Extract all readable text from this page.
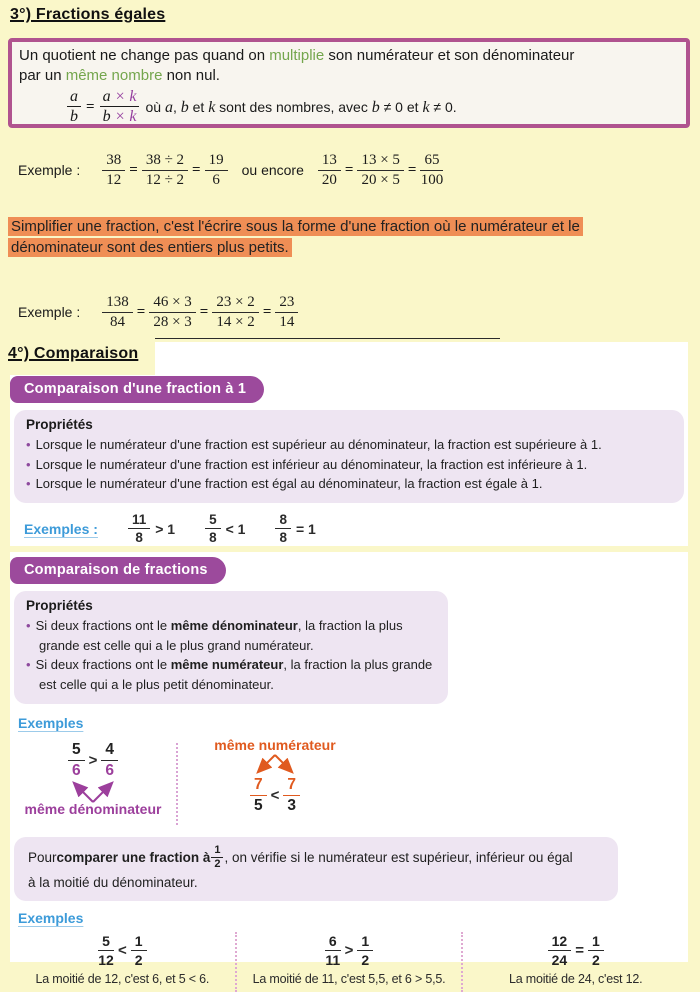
3°) Fractions égales
Un quotient ne change pas quand on multiplie son numérateur et son dénominateur
par un même nombre non nul.
$\frac{a}{b} = \frac{a \times k}{b \times k}$ où a, b et k sont des nombres, avec b ≠ 0 et k ≠ 0.
Exemple : $\frac{38}{12} = \frac{38 \div 2}{12 \div 2} = \frac{19}{6}$ ou encore $\frac{13}{20} = \frac{13 \times 5}{20 \times 5} = \frac{65}{100}$
Simplifier une fraction, c'est l'écrire sous la forme d'une fraction où le numérateur et le
dénominateur sont des entiers plus petits.
Exemple : $\frac{138}{84} = \frac{46 \times 3}{28 \times 3} = \frac{23 \times 2}{14 \times 2} = \frac{23}{14}$
4°) Comparaison
Comparaison d'une fraction à 1
Propriétés
• Lorsque le numérateur d'une fraction est supérieur au dénominateur, la fraction est supérieure à 1.
• Lorsque le numérateur d'une fraction est inférieur au dénominateur, la fraction est inférieure à 1.
• Lorsque le numérateur d'une fraction est égal au dénominateur, la fraction est égale à 1.
Exemples : $\frac{11}{8} > 1 \frac{5}{8} < 1 \frac{8}{8} = 1$
Comparaison de fractions
Propriétés
• Si deux fractions ont le même dénominateur, la fraction la plus grande est celle qui a le plus grand numérateur.
• Si deux fractions ont le même numérateur, la fraction la plus grande est celle qui a le plus petit dénominateur.
Exemples
$\frac{5}{6} > \frac{4}{6}$
même dénominateur
même numérateur
$\frac{7}{5} < \frac{7}{3}$
Pour comparer une fraction à $\frac{1}{2}$ , on vérifie si le numérateur est supérieur, inférieur ou égal
à la moitié du dénominateur.
Exemples
$\frac{5}{12} < \frac{1}{2}$
La moitié de 12, c'est 6, et 5 < 6.
$\frac{6}{11} > \frac{1}{2}$
La moitié de 11, c'est 5,5, et 6 > 5,5.
$\frac{12}{24} = \frac{1}{2}$
La moitié de 24, c'est 12.
